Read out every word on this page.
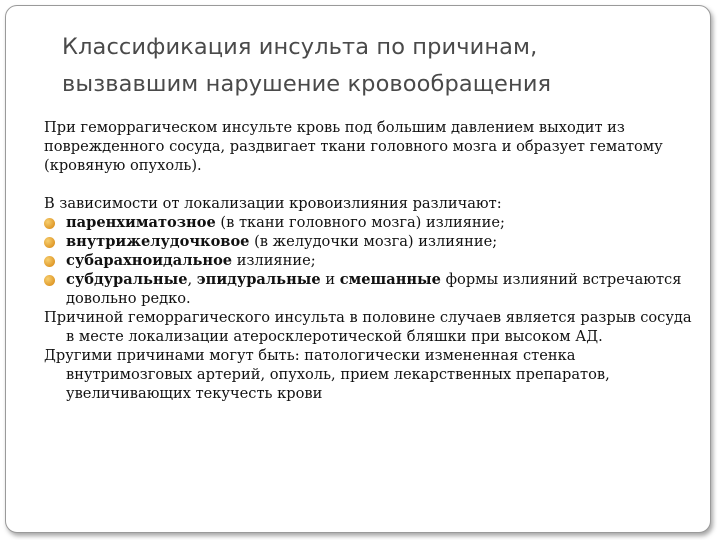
Классификация инсульта по причинам,
вызвавшим нарушение кровообращения

При геморрагическом инсульте кровь под большим давлением выходит из поврежденного сосуда, раздвигает ткани головного мозга и образует гематому (кровяную опухоль).

В зависимости от локализации кровоизлияния различают:

паренхиматозное (в ткани головного мозга) излияние;
внутрижелудочковое (в желудочки мозга) излияние;
субарахноидальное излияние;
субдуральные, эпидуральные и смешанные формы излияний встречаются довольно редко.

Причиной геморрагического инсульта в половине случаев является разрыв сосуда в месте локализации атеросклеротической бляшки при высоком АД.

Другими причинами могут быть: патологически измененная стенка внутримозговых артерий, опухоль, прием лекарственных препаратов, увеличивающих текучесть крови
